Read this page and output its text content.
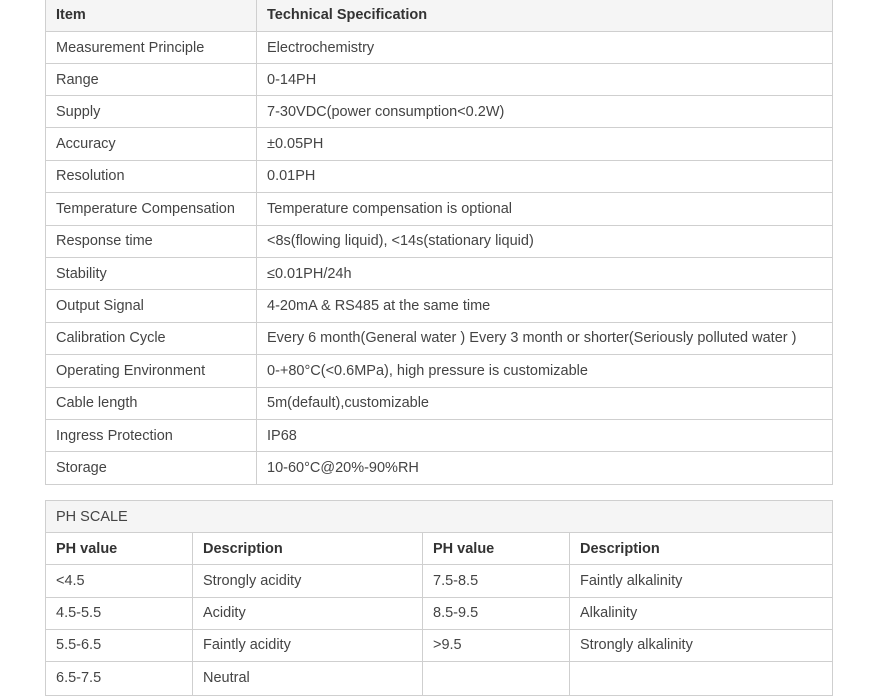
Item	Technical Specification
Measurement Principle	Electrochemistry
Range	0-14PH
Supply	7-30VDC(power consumption<0.2W)
Accuracy	±0.05PH
Resolution	0.01PH
Temperature Compensation	Temperature compensation is optional
Response time	<8s(flowing liquid), <14s(stationary liquid)
Stability	≤0.01PH/24h
Output Signal	4-20mA & RS485 at the same time
Calibration Cycle	Every 6 month(General water ) Every 3 month or shorter(Seriously polluted water )
Operating Environment	0-+80°C(<0.6MPa), high pressure is customizable
Cable length	5m(default),customizable
Ingress Protection	IP68
Storage	10-60°C@20%-90%RH
PH SCALE			
PH value	Description	PH value	Description
<4.5	Strongly acidity	7.5-8.5	Faintly alkalinity
4.5-5.5	Acidity	8.5-9.5	Alkalinity
5.5-6.5	Faintly acidity	>9.5	Strongly alkalinity
6.5-7.5	Neutral		
